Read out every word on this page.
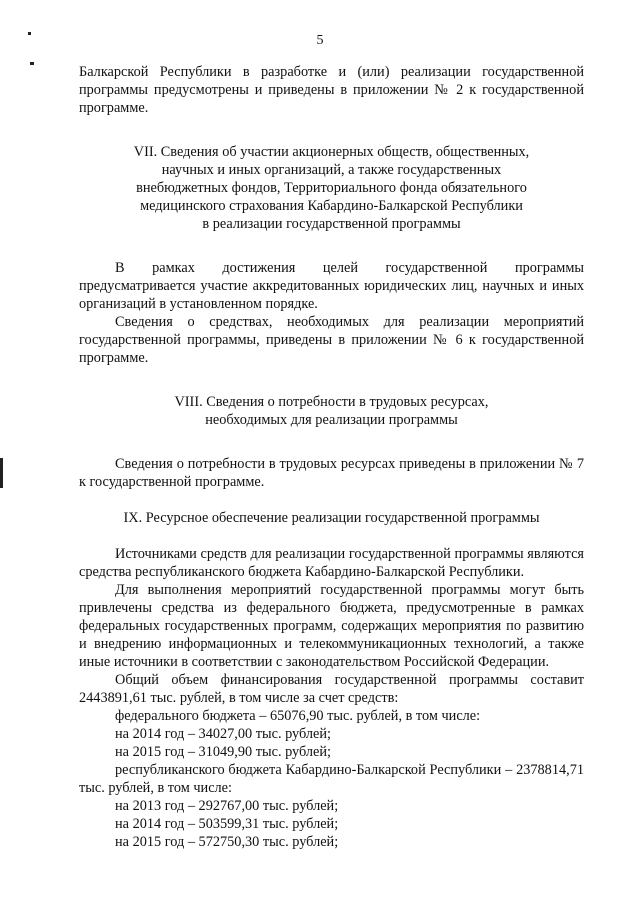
5

Балкарской Республики в разработке и (или) реализации государственной программы предусмотрены и приведены в приложении № 2 к государственной программе.

VII. Сведения об участии акционерных обществ, общественных,
научных и иных организаций, а также государственных
внебюджетных фондов, Территориального фонда обязательного
медицинского страхования Кабардино-Балкарской Республики
в реализации государственной программы

В рамках достижения целей государственной программы предусматривается участие аккредитованных юридических лиц, научных и иных организаций в установленном порядке.

Сведения о средствах, необходимых для реализации мероприятий государственной программы, приведены в приложении № 6 к государственной программе.

VIII. Сведения о потребности в трудовых ресурсах,
необходимых для реализации программы

Сведения о потребности в трудовых ресурсах приведены в приложении № 7 к государственной программе.

IX. Ресурсное обеспечение реализации государственной программы

Источниками средств для реализации государственной программы являются средства республиканского бюджета Кабардино-Балкарской Республики.

Для выполнения мероприятий государственной программы могут быть привлечены средства из федерального бюджета, предусмотренные в рамках федеральных государственных программ, содержащих мероприятия по развитию и внедрению информационных и телекоммуникационных технологий, а также иные источники в соответствии с законодательством Российской Федерации.

Общий объем финансирования государственной программы составит 2443891,61 тыс. рублей, в том числе за счет средств:

федерального бюджета – 65076,90 тыс. рублей, в том числе:
на 2014 год – 34027,00 тыс. рублей;
на 2015 год – 31049,90 тыс. рублей;

республиканского бюджета Кабардино-Балкарской Республики – 2378814,71 тыс. рублей, в том числе:

на 2013 год – 292767,00 тыс. рублей;
на 2014 год – 503599,31 тыс. рублей;
на 2015 год – 572750,30 тыс. рублей;
